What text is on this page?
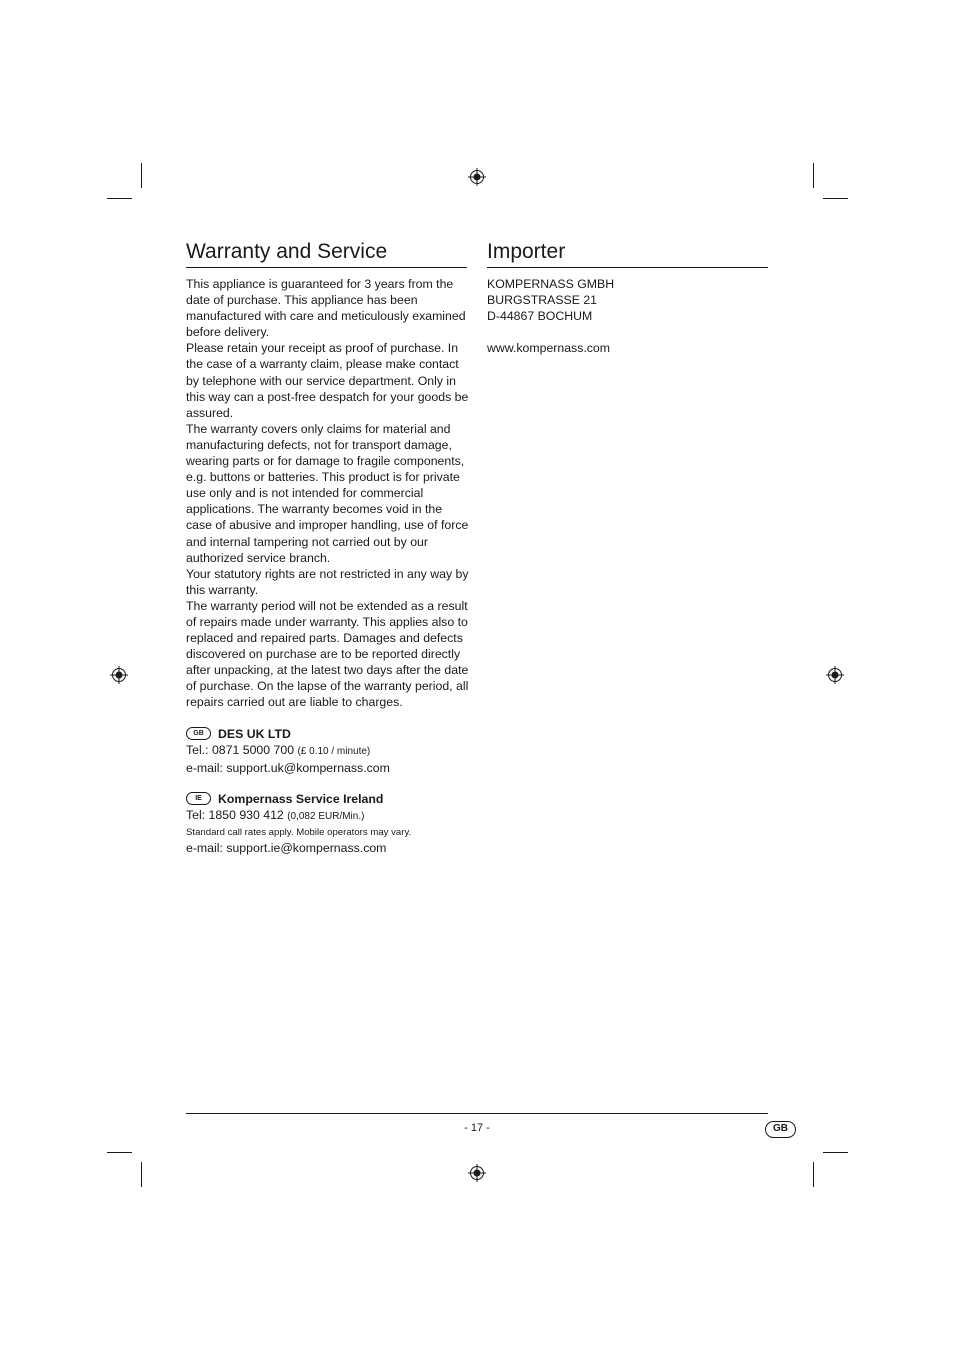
Warranty and Service	Importer

This appliance is guaranteed for 3 years from the date of purchase. This appliance has been manufactured with care and meticulously examined before delivery.

Please retain your receipt as proof of purchase. In the case of a warranty claim, please make contact by telephone with our service department. Only in this way can a post-free despatch for your goods be assured.

The warranty covers only claims for material and manufacturing defects, not for transport damage, wearing parts or for damage to fragile components, e.g. buttons or batteries. This product is for private use only and is not intended for commercial applications. The warranty becomes void in the case of abusive and improper handling, use of force and internal tampering not carried out by our authorized service branch.

Your statutory rights are not restricted in any way by this warranty.

The warranty period will not be extended as a result of repairs made under warranty. This applies also to replaced and repaired parts. Damages and defects discovered on purchase are to be reported directly after unpacking, at the latest two days after the date of purchase. On the lapse of the warranty period, all repairs carried out are liable to charges.

GB	DES UK LTD
Tel.: 0871 5000 700 (£ 0.10 / minute)
e-mail: support.uk@kompernass.com
IE	Kompernass Service Ireland
Tel: 1850 930 412 (0,082 EUR/Min.)
Standard call rates apply. Mobile operators may vary.
e-mail: support.ie@kompernass.com
KOMPERNASS GMBH
BURGSTRASSE 21
D-44867 BOCHUM
www.kompernass.com
- 17 -	GB
